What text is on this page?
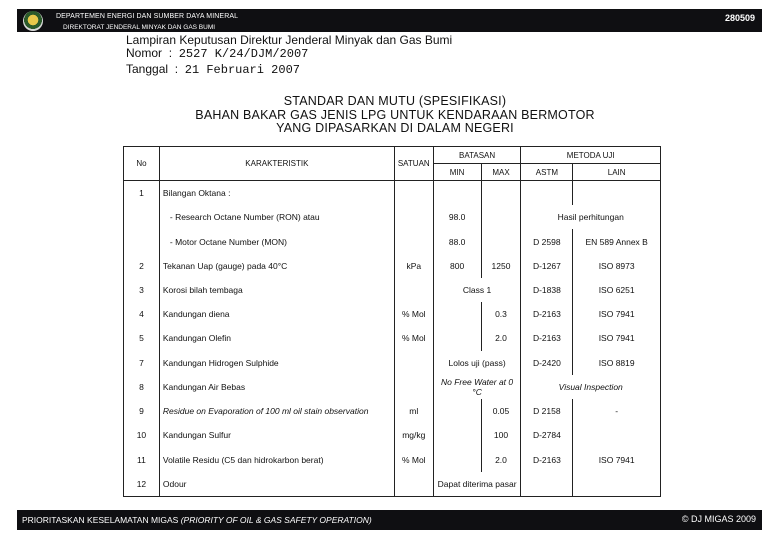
DEPARTEMEN ENERGI DAN SUMBER DAYA MINERAL
DIREKTORAT JENDERAL MINYAK DAN GAS BUMI
280509
Lampiran Keputusan Direktur Jenderal Minyak dan Gas Bumi
Nomor  :  2527 K/24/DJM/2007
Tanggal  :  21 Februari 2007
STANDAR DAN MUTU (SPESIFIKASI)
BAHAN BAKAR GAS JENIS LPG UNTUK KENDARAAN BERMOTOR
YANG DIPASARKAN DI DALAM NEGERI
No	KARAKTERISTIK	SATUAN	BATASAN		METODA UJI	
			MIN	MAX	ASTM	LAIN
1	Bilangan Oktana :					
	- Research Octane Number (RON) atau		98.0		Hasil perhitungan	
	- Motor Octane Number (MON)		88.0		D 2598	EN 589 Annex B
2	Tekanan Uap (gauge) pada 40°C	kPa	800	1250	D-1267	ISO 8973
3	Korosi bilah tembaga		Class 1		D-1838	ISO 6251
4	Kandungan diena	% Mol		0.3	D-2163	ISO 7941
5	Kandungan Olefin	% Mol		2.0	D-2163	ISO 7941
7	Kandungan Hidrogen Sulphide		Lolos uji (pass)		D-2420	ISO 8819
8	Kandungan Air Bebas		No Free Water at 0 °C		Visual Inspection	
9	Residue on Evaporation of 100 ml oil stain observation	ml		0.05	D 2158	-
10	Kandungan Sulfur	mg/kg		100	D-2784	
11	Volatile Residu (C5 dan hidrokarbon berat)	% Mol		2.0	D-2163	ISO 7941
12	Odour		Dapat diterima pasar			
PRIORITASKAN KESELAMATAN MIGAS (PRIORITY OF OIL & GAS SAFETY OPERATION)	© DJ MIGAS 2009
